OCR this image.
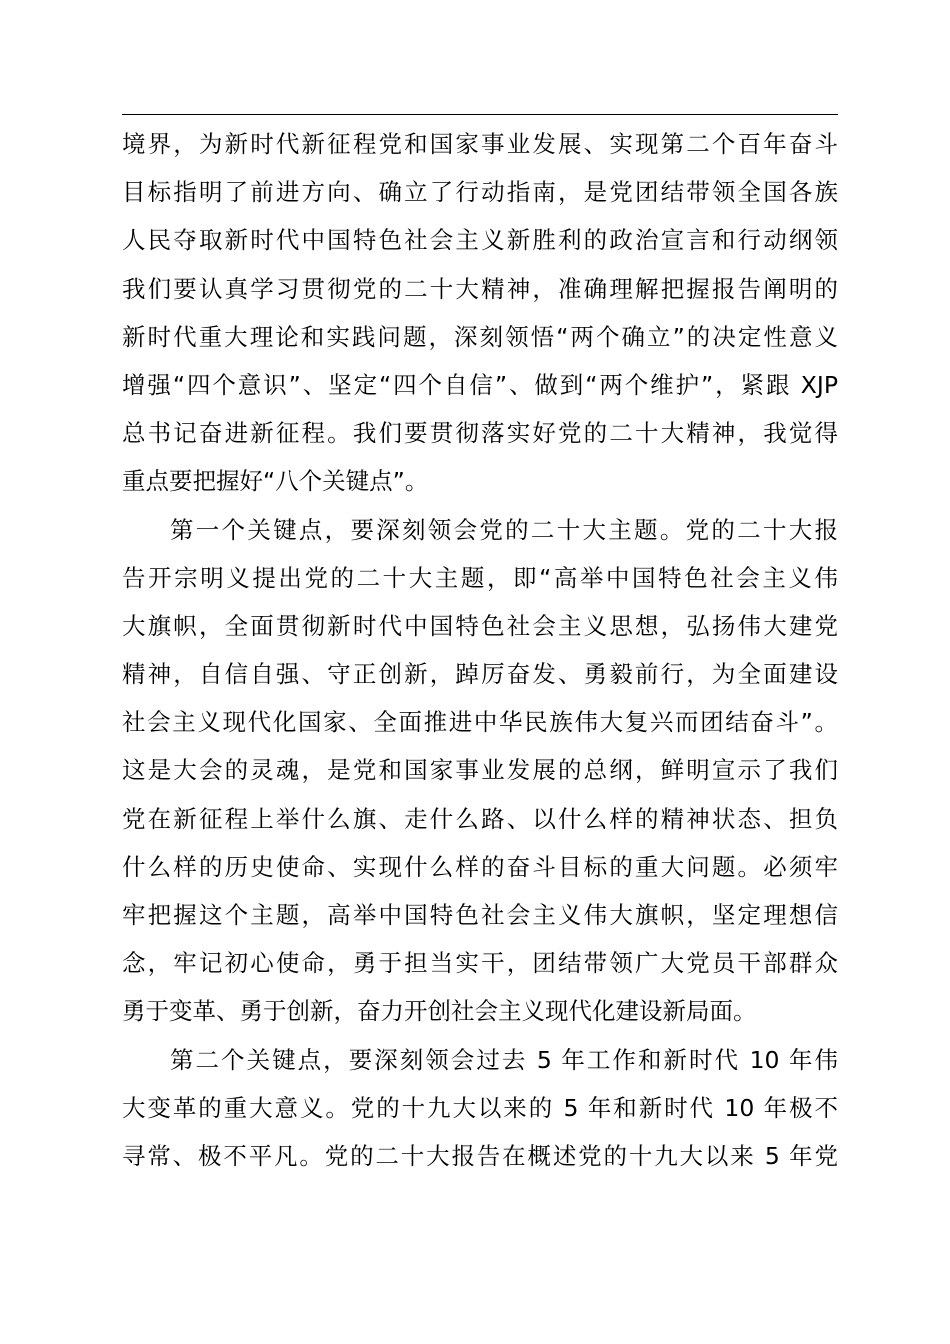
境界，为新时代新征程党和国家事业发展、实现第二个百年奋斗
目标指明了前进方向、确立了行动指南，是党团结带领全国各族
人民夺取新时代中国特色社会主义新胜利的政治宣言和行动纲领
我们要认真学习贯彻党的二十大精神，准确理解把握报告阐明的
新时代重大理论和实践问题，深刻领悟“两个确立”的决定性意义
增强“四个意识”、坚定“四个自信”、做到“两个维护”，紧跟 XJP
总书记奋进新征程。我们要贯彻落实好党的二十大精神，我觉得
重点要把握好“八个关键点”。
第一个关键点，要深刻领会党的二十大主题。党的二十大报
告开宗明义提出党的二十大主题，即“高举中国特色社会主义伟
大旗帜，全面贯彻新时代中国特色社会主义思想，弘扬伟大建党
精神，自信自强、守正创新，踔厉奋发、勇毅前行，为全面建设
社会主义现代化国家、全面推进中华民族伟大复兴而团结奋斗”。
这是大会的灵魂，是党和国家事业发展的总纲，鲜明宣示了我们
党在新征程上举什么旗、走什么路、以什么样的精神状态、担负
什么样的历史使命、实现什么样的奋斗目标的重大问题。必须牢
牢把握这个主题，高举中国特色社会主义伟大旗帜，坚定理想信
念，牢记初心使命，勇于担当实干，团结带领广大党员干部群众
勇于变革、勇于创新，奋力开创社会主义现代化建设新局面。
第二个关键点，要深刻领会过去 5 年工作和新时代 10 年伟
大变革的重大意义。党的十九大以来的 5 年和新时代 10 年极不
寻常、极不平凡。党的二十大报告在概述党的十九大以来 5 年党
